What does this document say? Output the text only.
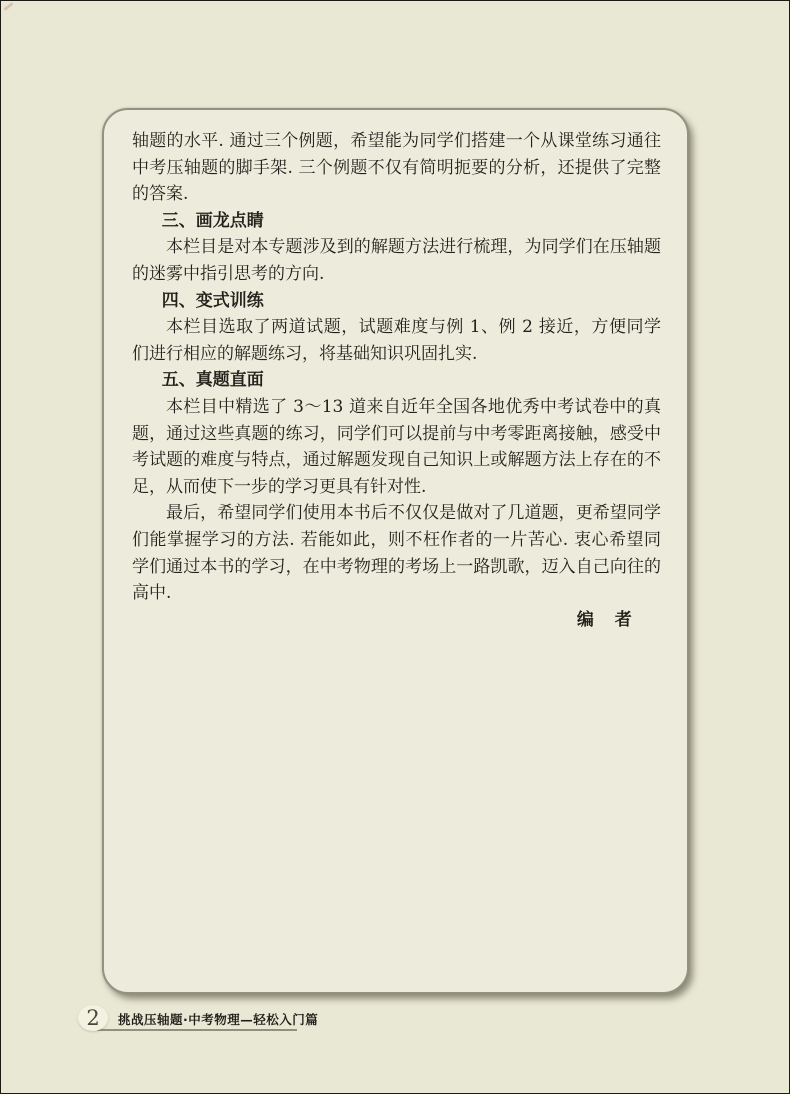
轴题的水平. 通过三个例题，希望能为同学们搭建一个从课堂练习通往中考压轴题的脚手架. 三个例题不仅有简明扼要的分析，还提供了完整的答案.

三、画龙点睛

本栏目是对本专题涉及到的解题方法进行梳理，为同学们在压轴题的迷雾中指引思考的方向.

四、变式训练

本栏目选取了两道试题，试题难度与例 1、例 2 接近，方便同学们进行相应的解题练习，将基础知识巩固扎实.

五、真题直面

本栏目中精选了 3～13 道来自近年全国各地优秀中考试卷中的真题，通过这些真题的练习，同学们可以提前与中考零距离接触，感受中考试题的难度与特点，通过解题发现自己知识上或解题方法上存在的不足，从而使下一步的学习更具有针对性.

最后，希望同学们使用本书后不仅仅是做对了几道题，更希望同学们能掌握学习的方法. 若能如此，则不枉作者的一片苦心. 衷心希望同学们通过本书的学习，在中考物理的考场上一路凯歌，迈入自己向往的高中.

编　者

2 挑战压轴题·中考物理—轻松入门篇
